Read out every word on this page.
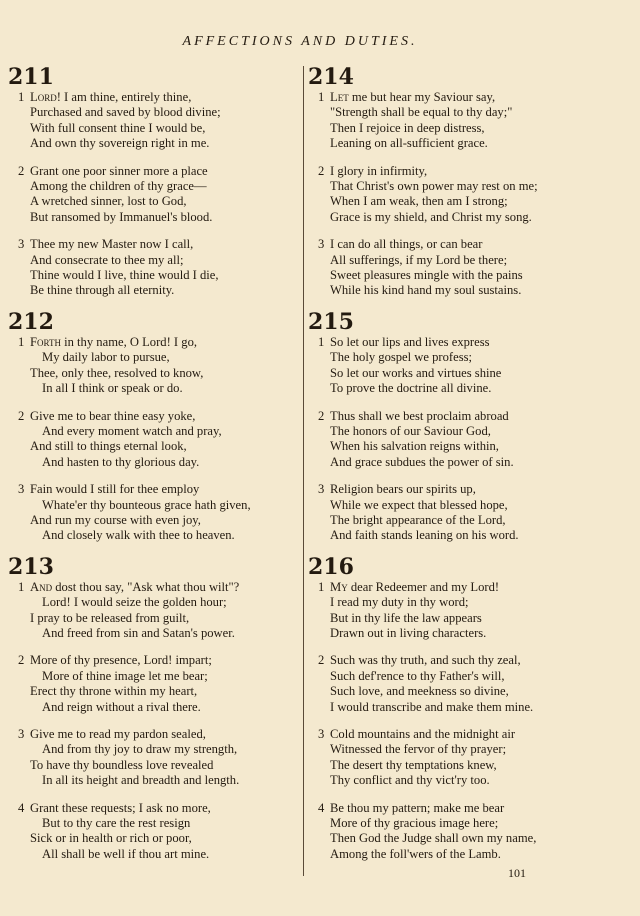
AFFECTIONS AND DUTIES.
211
1 Lord! I am thine, entirely thine,
Purchased and saved by blood divine;
With full consent thine I would be,
And own thy sovereign right in me.
2 Grant one poor sinner more a place
Among the children of thy grace—
A wretched sinner, lost to God,
But ransomed by Immanuel's blood.
3 Thee my new Master now I call,
And consecrate to thee my all;
Thine would I live, thine would I die,
Be thine through all eternity.
212
1 Forth in thy name, O Lord! I go,
My daily labor to pursue,
Thee, only thee, resolved to know,
In all I think or speak or do.
2 Give me to bear thine easy yoke,
And every moment watch and pray,
And still to things eternal look,
And hasten to thy glorious day.
3 Fain would I still for thee employ
Whate'er thy bounteous grace hath given,
And run my course with even joy,
And closely walk with thee to heaven.
213
1 And dost thou say, "Ask what thou wilt"?
Lord! I would seize the golden hour;
I pray to be released from guilt,
And freed from sin and Satan's power.
2 More of thy presence, Lord! impart;
More of thine image let me bear;
Erect thy throne within my heart,
And reign without a rival there.
3 Give me to read my pardon sealed,
And from thy joy to draw my strength,
To have thy boundless love revealed
In all its height and breadth and length.
4 Grant these requests; I ask no more,
But to thy care the rest resign
Sick or in health or rich or poor,
All shall be well if thou art mine.
214
1 Let me but hear my Saviour say,
"Strength shall be equal to thy day;"
Then I rejoice in deep distress,
Leaning on all-sufficient grace.
2 I glory in infirmity,
That Christ's own power may rest on me;
When I am weak, then am I strong;
Grace is my shield, and Christ my song.
3 I can do all things, or can bear
All sufferings, if my Lord be there;
Sweet pleasures mingle with the pains
While his kind hand my soul sustains.
215
1 So let our lips and lives express
The holy gospel we profess;
So let our works and virtues shine
To prove the doctrine all divine.
2 Thus shall we best proclaim abroad
The honors of our Saviour God,
When his salvation reigns within,
And grace subdues the power of sin.
3 Religion bears our spirits up,
While we expect that blessed hope,
The bright appearance of the Lord,
And faith stands leaning on his word.
216
1 My dear Redeemer and my Lord!
I read my duty in thy word;
But in thy life the law appears
Drawn out in living characters.
2 Such was thy truth, and such thy zeal,
Such def'rence to thy Father's will,
Such love, and meekness so divine,
I would transcribe and make them mine.
3 Cold mountains and the midnight air
Witnessed the fervor of thy prayer;
The desert thy temptations knew,
Thy conflict and thy vict'ry too.
4 Be thou my pattern; make me bear
More of thy gracious image here;
Then God the Judge shall own my name,
Among the foll'wers of the Lamb.
101
